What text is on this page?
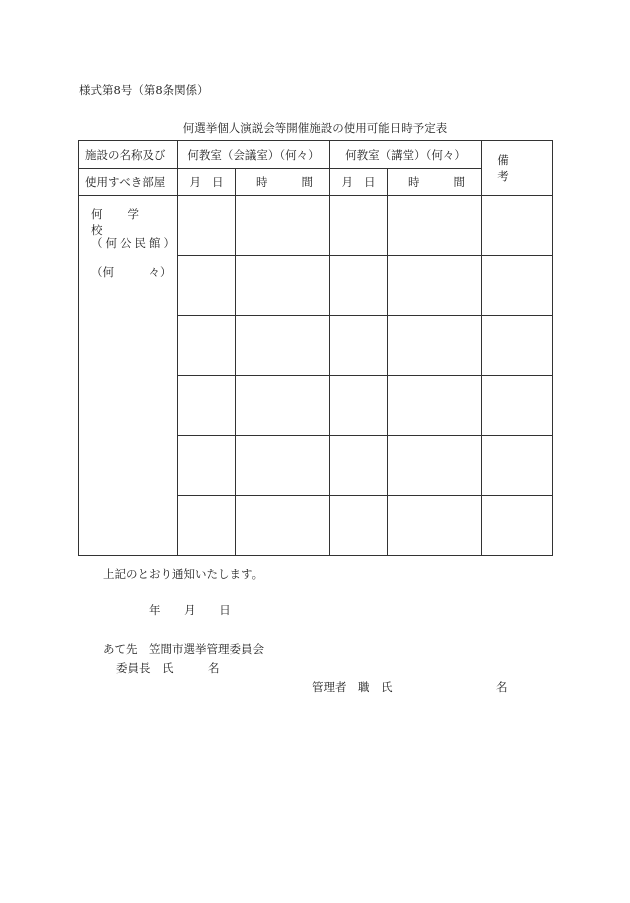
様式第8号（第8条関係）
何選挙個人演説会等開催施設の使用可能日時予定表
施設の名称及び	何教室（会議室）（何々）		何教室（講堂）（何々）		備考
使用すべき部屋	月 日	時 間	月 日	時 間	

何学校
（何公民館）
（何　　　々）					

上記のとおり通知いたします。
年 月 日
あて先　笠間市選挙管理委員会
委員長　氏　　　名
管理者　職　氏　　　　　　　　　名
